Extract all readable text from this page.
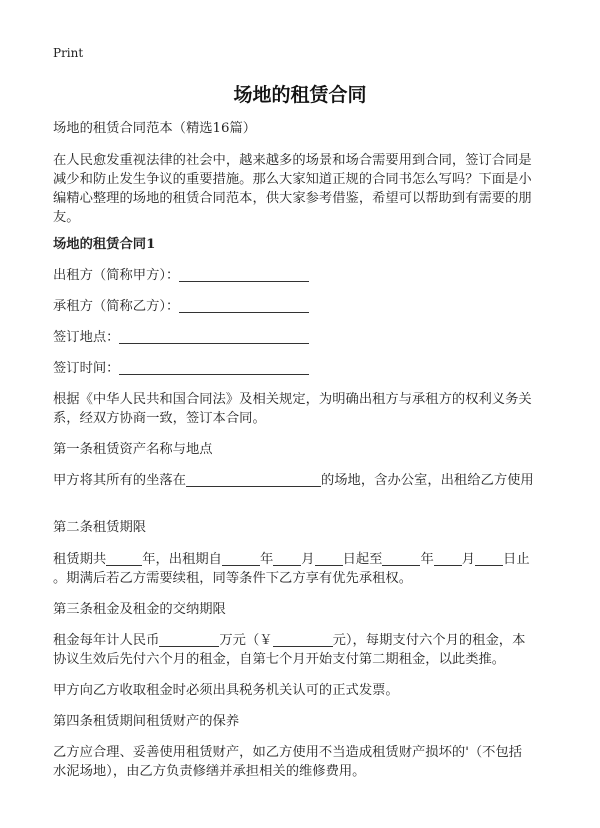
Print
场地的租赁合同
场地的租赁合同范本（精选16篇）
在人民愈发重视法律的社会中，越来越多的场景和场合需要用到合同，签订合同是
减少和防止发生争议的重要措施。那么大家知道正规的合同书怎么写吗？下面是小
编精心整理的场地的租赁合同范本，供大家参考借鉴，希望可以帮助到有需要的朋
友。
场地的租赁合同1
出租方（简称甲方）：
承租方（简称乙方）：
签订地点：
签订时间：
根据《中华人民共和国合同法》及相关规定，为明确出租方与承租方的权利义务关
系，经双方协商一致，签订本合同。
第一条租赁资产名称与地点
甲方将其所有的坐落在	的场地，含办公室，出租给乙方使用
第二条租赁期限
租赁期共	年，出租期自	年 月 日起至	年 月 日止
。期满后若乙方需要续租，同等条件下乙方享有优先承租权。
第三条租金及租金的交纳期限
租金每年计人民币	万元（￥	元），每期支付六个月的租金，本
协议生效后先付六个月的租金，自第七个月开始支付第二期租金，以此类推。
甲方向乙方收取租金时必须出具税务机关认可的正式发票。
第四条租赁期间租赁财产的保养
乙方应合理、妥善使用租赁财产，如乙方使用不当造成租赁财产损坏的'（不包括
水泥场地），由乙方负责修缮并承担相关的维修费用。
